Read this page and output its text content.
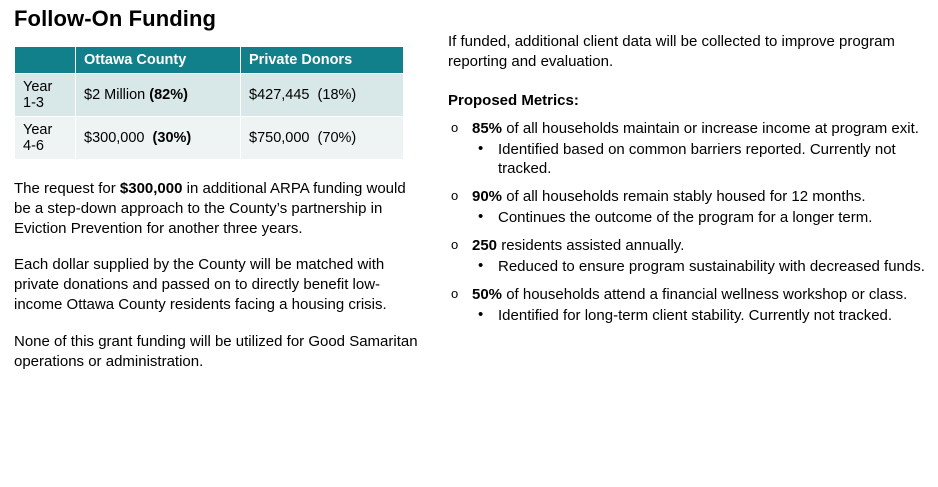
Follow-On Funding
	Ottawa County	Private Donors
Year 1-3	$2 Million (82%)	$427,445 (18%)
Year 4-6	$300,000 (30%)	$750,000 (70%)

The request for $300,000 in additional ARPA funding would be a step-down approach to the County’s partnership in Eviction Prevention for another three years.

Each dollar supplied by the County will be matched with private donations and passed on to directly benefit low-income Ottawa County residents facing a housing crisis.

None of this grant funding will be utilized for Good Samaritan operations or administration.

If funded, additional client data will be collected to improve program reporting and evaluation.

Proposed Metrics:

o 85% of all households maintain or increase income at program exit.
• Identified based on common barriers reported. Currently not tracked.
o 90% of all households remain stably housed for 12 months.
• Continues the outcome of the program for a longer term.
o 250 residents assisted annually.
• Reduced to ensure program sustainability with decreased funds.
o 50% of households attend a financial wellness workshop or class.
• Identified for long-term client stability. Currently not tracked.
